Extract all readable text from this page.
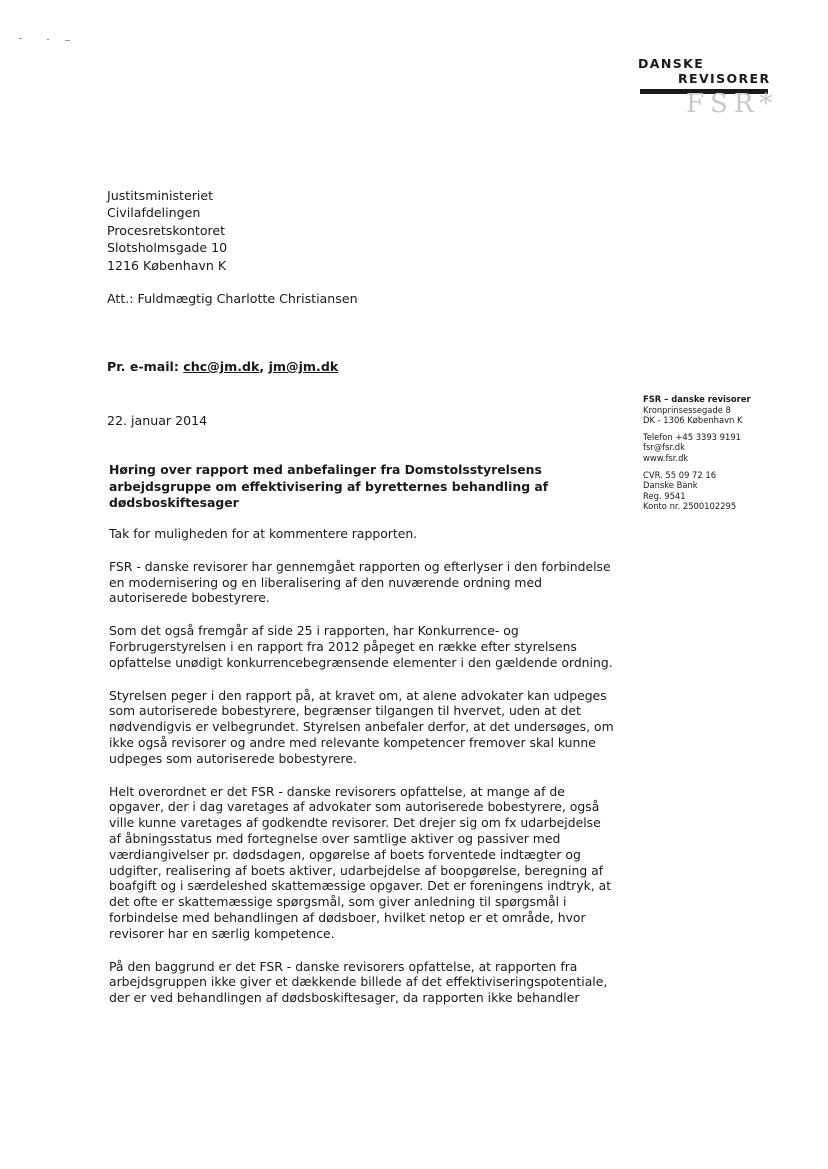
DANSKE
REVISORER
FSR*
Justitsministeriet
Civilafdelingen
Procesretskontoret
Slotsholmsgade 10
1216 København K
Att.: Fuldmægtig Charlotte Christiansen
Pr. e-mail: chc@jm.dk, jm@jm.dk
22. januar 2014
Høring over rapport med anbefalinger fra Domstolsstyrelsens
arbejdsgruppe om effektivisering af byretternes behandling af
dødsboskiftesager
Tak for muligheden for at kommentere rapporten.
FSR - danske revisorer har gennemgået rapporten og efterlyser i den forbindelse
en modernisering og en liberalisering af den nuværende ordning med
autoriserede bobestyrere.
Som det også fremgår af side 25 i rapporten, har Konkurrence- og
Forbrugerstyrelsen i en rapport fra 2012 påpeget en række efter styrelsens
opfattelse unødigt konkurrencebegrænsende elementer i den gældende ordning.
Styrelsen peger i den rapport på, at kravet om, at alene advokater kan udpeges
som autoriserede bobestyrere, begrænser tilgangen til hvervet, uden at det
nødvendigvis er velbegrundet. Styrelsen anbefaler derfor, at det undersøges, om
ikke også revisorer og andre med relevante kompetencer fremover skal kunne
udpeges som autoriserede bobestyrere.
Helt overordnet er det FSR - danske revisorers opfattelse, at mange af de
opgaver, der i dag varetages af advokater som autoriserede bobestyrere, også
ville kunne varetages af godkendte revisorer. Det drejer sig om fx udarbejdelse
af åbningsstatus med fortegnelse over samtlige aktiver og passiver med
værdiangivelser pr. dødsdagen, opgørelse af boets forventede indtægter og
udgifter, realisering af boets aktiver, udarbejdelse af boopgørelse, beregning af
boafgift og i særdeleshed skattemæssige opgaver. Det er foreningens indtryk, at
det ofte er skattemæssige spørgsmål, som giver anledning til spørgsmål i
forbindelse med behandlingen af dødsboer, hvilket netop er et område, hvor
revisorer har en særlig kompetence.
På den baggrund er det FSR - danske revisorers opfattelse, at rapporten fra
arbejdsgruppen ikke giver et dækkende billede af det effektiviseringspotentiale,
der er ved behandlingen af dødsboskiftesager, da rapporten ikke behandler
FSR – danske revisorer
Kronprinsessegade 8
DK - 1306 København K
Telefon +45 3393 9191
fsr@fsr.dk
www.fsr.dk
CVR. 55 09 72 16
Danske Bank
Reg. 9541
Konto nr. 2500102295
